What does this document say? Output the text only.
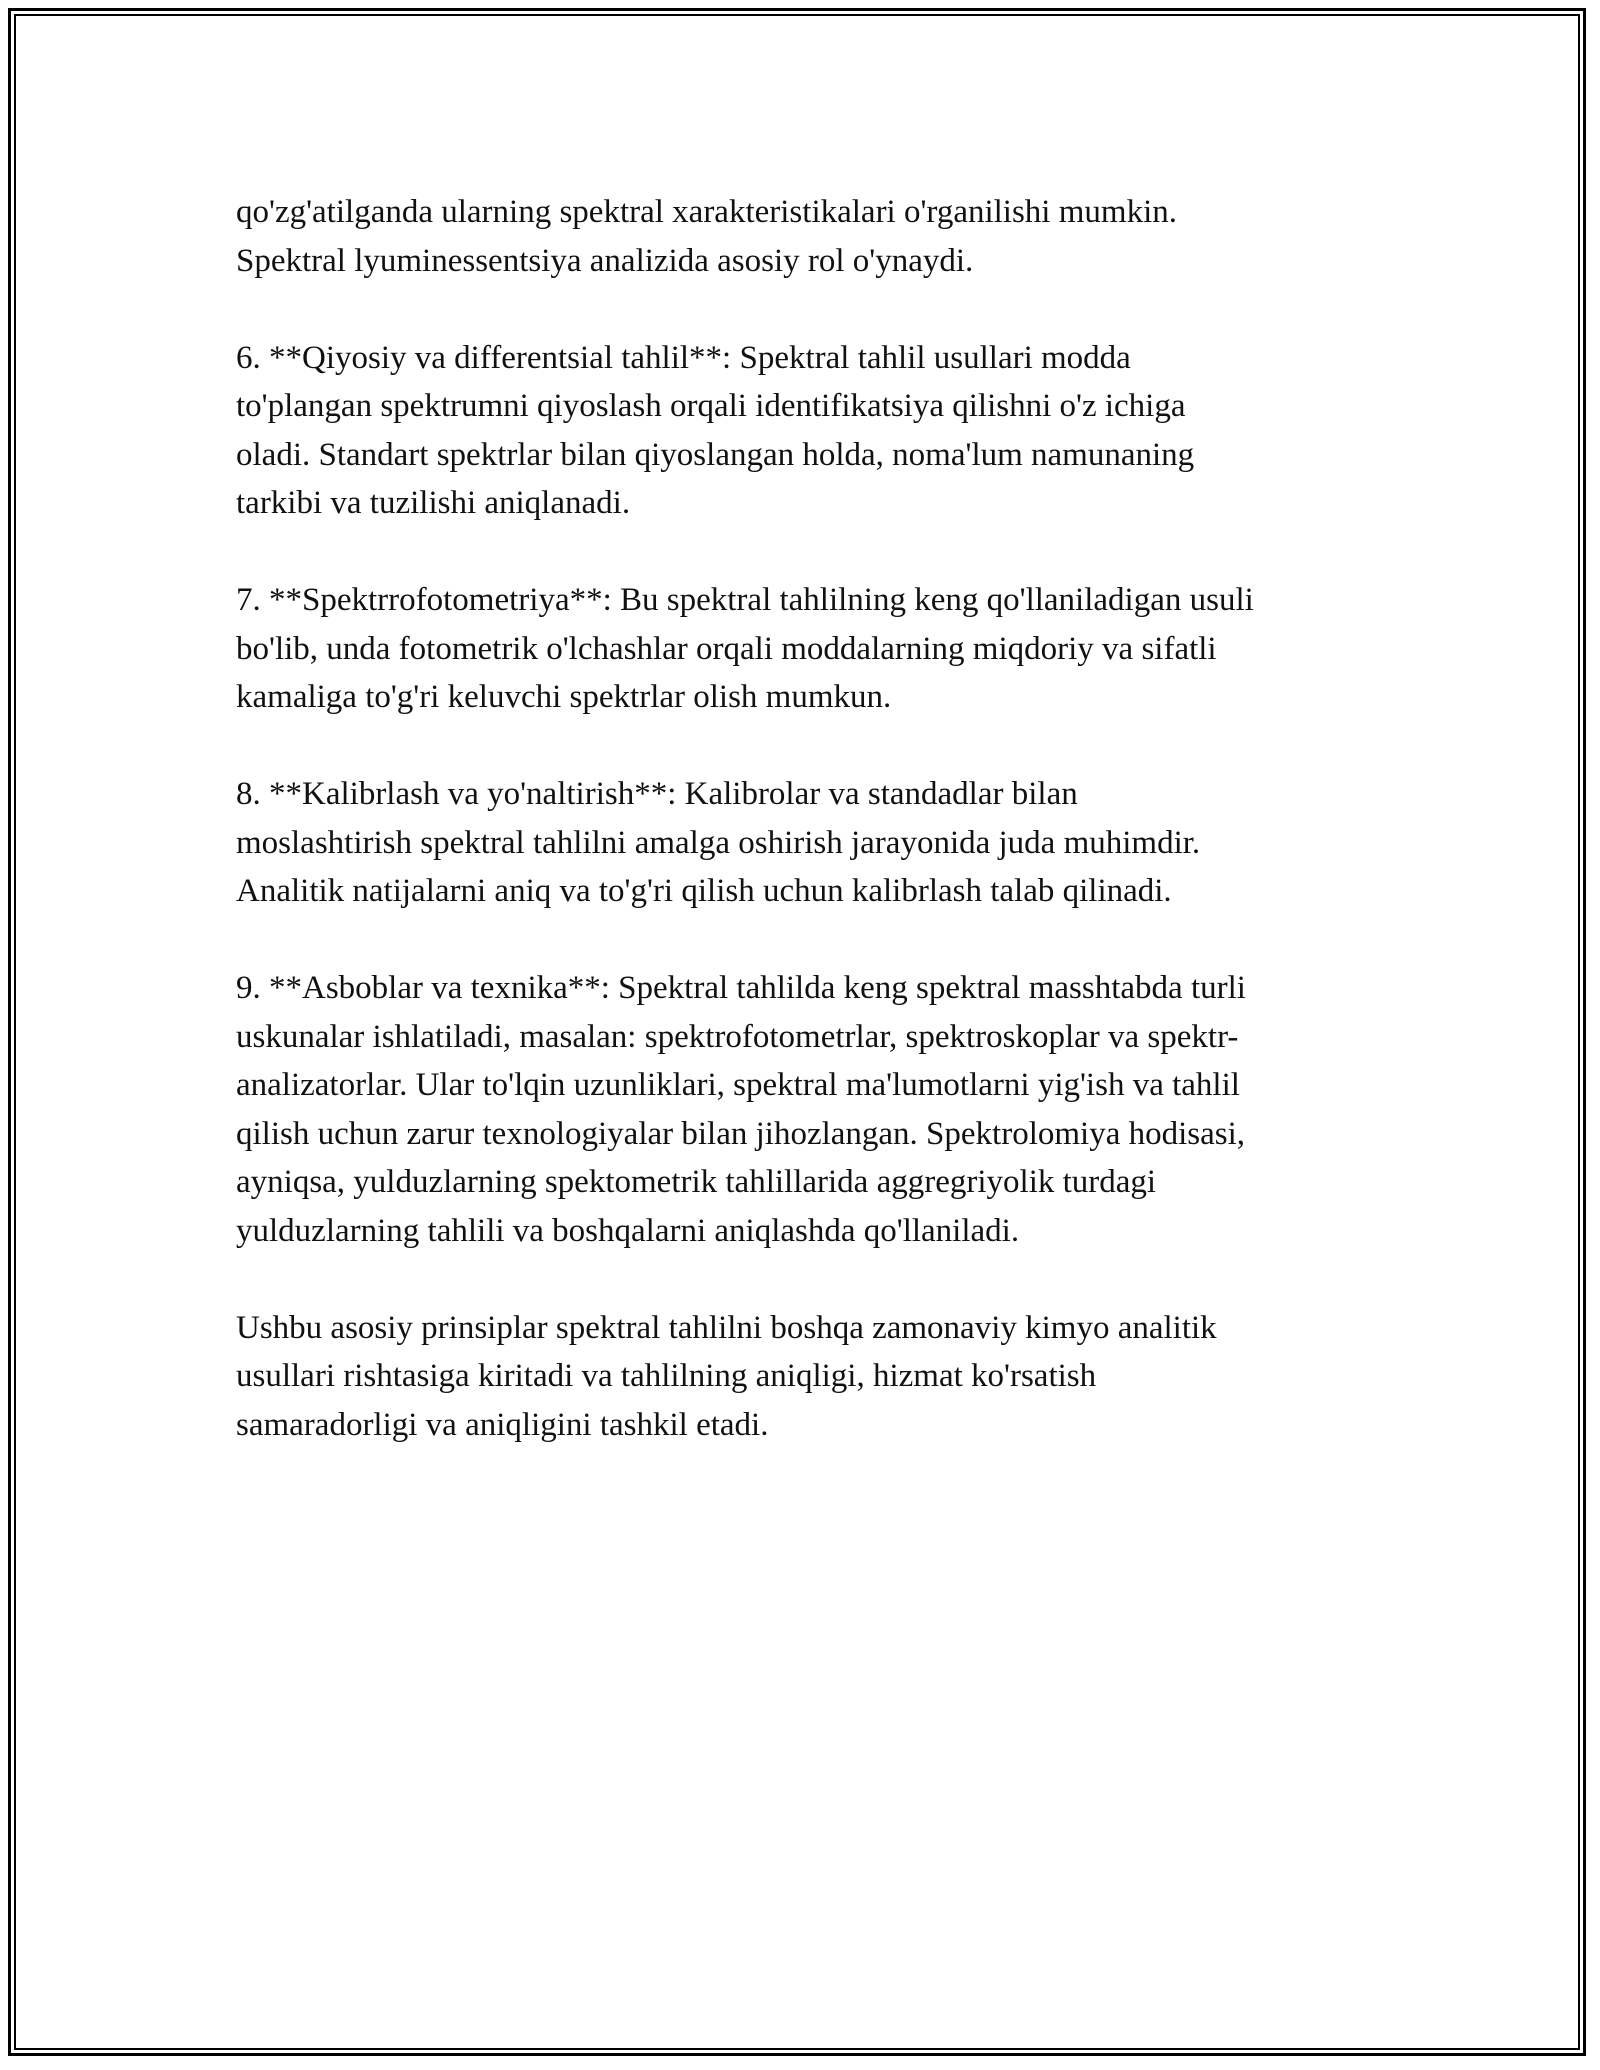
qo'zg'atilganda ularning spektral xarakteristikalari o'rganilishi mumkin.
Spektral lyuminessentsiya analizida asosiy rol o'ynaydi.

6. **Qiyosiy va differentsial tahlil**: Spektral tahlil usullari modda
to'plangan spektrumni qiyoslash orqali identifikatsiya qilishni o'z ichiga
oladi. Standart spektrlar bilan qiyoslangan holda, noma'lum namunaning
tarkibi va tuzilishi aniqlanadi.

7. **Spektrrofotometriya**: Bu spektral tahlilning keng qo'llaniladigan usuli
bo'lib, unda fotometrik o'lchashlar orqali moddalarning miqdoriy va sifatli
kamaliga to'g'ri keluvchi spektrlar olish mumkun.

8. **Kalibrlash va yo'naltirish**: Kalibrolar va standadlar bilan
moslashtirish spektral tahlilni amalga oshirish jarayonida juda muhimdir.
Analitik natijalarni aniq va to'g'ri qilish uchun kalibrlash talab qilinadi.

9. **Asboblar va texnika**: Spektral tahlilda keng spektral masshtabda turli
uskunalar ishlatiladi, masalan: spektrofotometrlar, spektroskoplar va spektr-
analizatorlar. Ular to'lqin uzunliklari, spektral ma'lumotlarni yig'ish va tahlil
qilish uchun zarur texnologiyalar bilan jihozlangan. Spektrolomiya hodisasi,
ayniqsa, yulduzlarning spektometrik tahlillarida aggregriyolik turdagi
yulduzlarning tahlili va boshqalarni aniqlashda qo'llaniladi.

Ushbu asosiy prinsiplar spektral tahlilni boshqa zamonaviy kimyo analitik
usullari rishtasiga kiritadi va tahlilning aniqligi, hizmat ko'rsatish
samaradorligi va aniqligini tashkil etadi.
